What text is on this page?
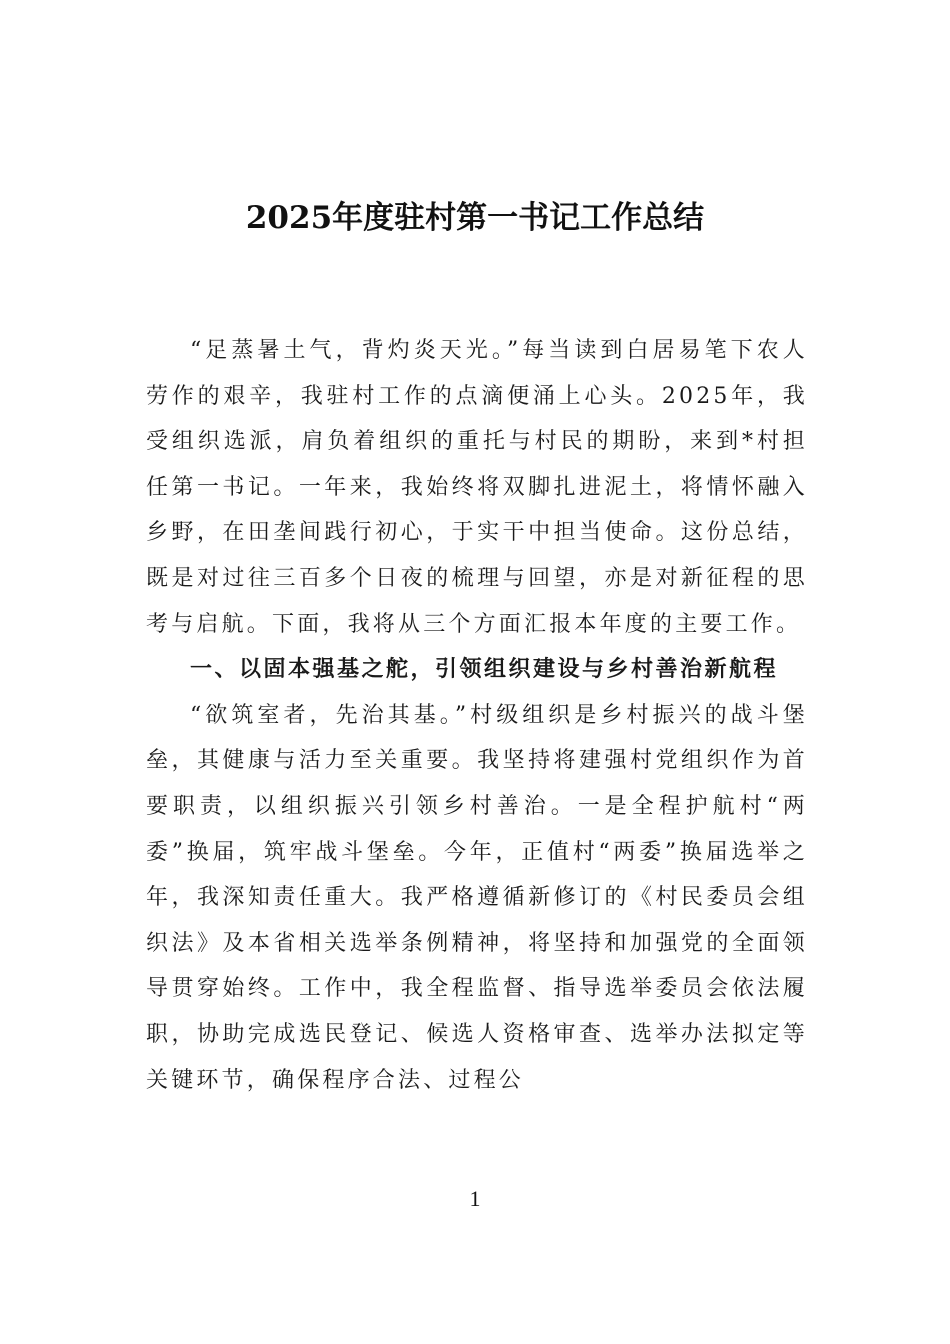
2025年度驻村第一书记工作总结

“足蒸暑土气，背灼炎天光。”每当读到白居易笔下农人劳作的艰辛，我驻村工作的点滴便涌上心头。2025年，我受组织选派，肩负着组织的重托与村民的期盼，来到*村担任第一书记。一年来，我始终将双脚扎进泥土，将情怀融入乡野，在田垄间践行初心，于实干中担当使命。这份总结，既是对过往三百多个日夜的梳理与回望，亦是对新征程的思考与启航。下面，我将从三个方面汇报本年度的主要工作。

一、以固本强基之舵，引领组织建设与乡村善治新航程

“欲筑室者，先治其基。”村级组织是乡村振兴的战斗堡垒，其健康与活力至关重要。我坚持将建强村党组织作为首要职责，以组织振兴引领乡村善治。一是全程护航村“两委”换届，筑牢战斗堡垒。今年，正值村“两委”换届选举之年，我深知责任重大。我严格遵循新修订的《村民委员会组织法》及本省相关选举条例精神，将坚持和加强党的全面领导贯穿始终。工作中，我全程监督、指导选举委员会依法履职，协助完成选民登记、候选人资格审查、选举办法拟定等关键环节，确保程序合法、过程公

1
